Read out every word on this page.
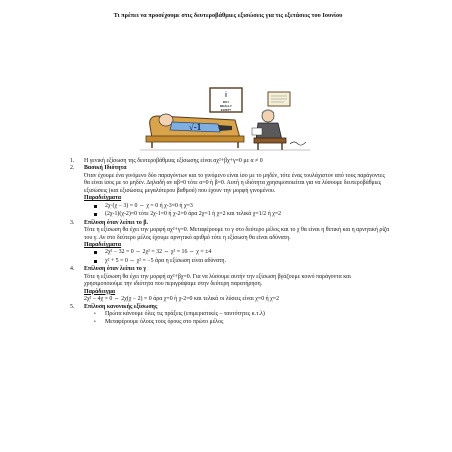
Τι πρέπει να προσέχουμε στις δευτεροβάθμιες εξισώσεις για τις εξετάσεις του Ιουνίου
i
DO I
REALLY
EXIST?
√-1
1.	Η γενική εξίσωση της δευτεροβάθμιας εξίσωσης είναι αχ²+βχ+γ=0 με α ≠ 0
2.	Βασική Ιδιότητα
Όταν έχουμε ένα γινόμενο δύο παραγόντων και το γινόμενο είναι ίσο με το μηδέν, τότε ένας τουλάχιστον από τους παράγοντες θα είναι ίσος με το μηδέν. Δηλαδή αν αβ=0 τότε α=0 ή β=0. Αυτή η ιδιότητα χρησιμοποιείται για να λύσουμε δευτεροβάθμιες εξισώσεις (και εξισώσεις μεγαλύτερου βαθμού) που έχουν την μορφή γινομένου.
Παραδείγματα
2χ·(χ − 3) = 0 ⇔ χ = 0 ή χ-3=0 ή χ=3
(2χ-1)(χ-2)=0 τότε 2χ-1=0 ή χ-2=0 άρα 2χ=1 ή χ=2 και τελικά χ=1/2 ή χ=2
3.	Επίλυση όταν λείπει το β.
Τότε η εξίσωση θα έχει την μορφή αχ²+γ=0. Μεταφέρουμε το γ στο δεύτερο μέλος και το χ θα είναι η θετική και η αρνητική ρίζα του γ. Αν στο δεύτερο μέλος έχουμε αρνητικό αριθμό τότε η εξίσωση θα είναι αδύνατη.
Παραδείγματα
2χ² − 32 = 0 ⇔ 2χ² = 32 ⇔ χ² = 16 ⇔ χ = ±4
χ² + 5 = 0 ⇔ χ² = −5 άρα η εξίσωση είναι αδύνατη.
4.	Επίλυση όταν λείπει το γ
Τότε η εξίσωση θα έχει την μορφή αχ²+βχ=0. Για να λύσουμε αυτήν την εξίσωση βγάζουμε κοινό παράγοντα και χρησιμοποιούμε την ιδιότητα που περιγράψαμε στην δεύτερη παρατήρηση.
Παράδειγμα
2χ² − 4χ = 0 ⇔ 2χ(χ − 2) = 0 άρα χ=0 ή χ-2=0 και τελικά οι λύσεις είναι χ=0 ή χ=2
5.	Επίλυση κανονικής εξίσωσης
•	Πρώτα κάνουμε όλες τις πράξεις (επιμεριστικές – ταυτότητες κ.τ.λ)
•	Μεταφέρουμε όλους τους όρους στο πρώτο μέλος
